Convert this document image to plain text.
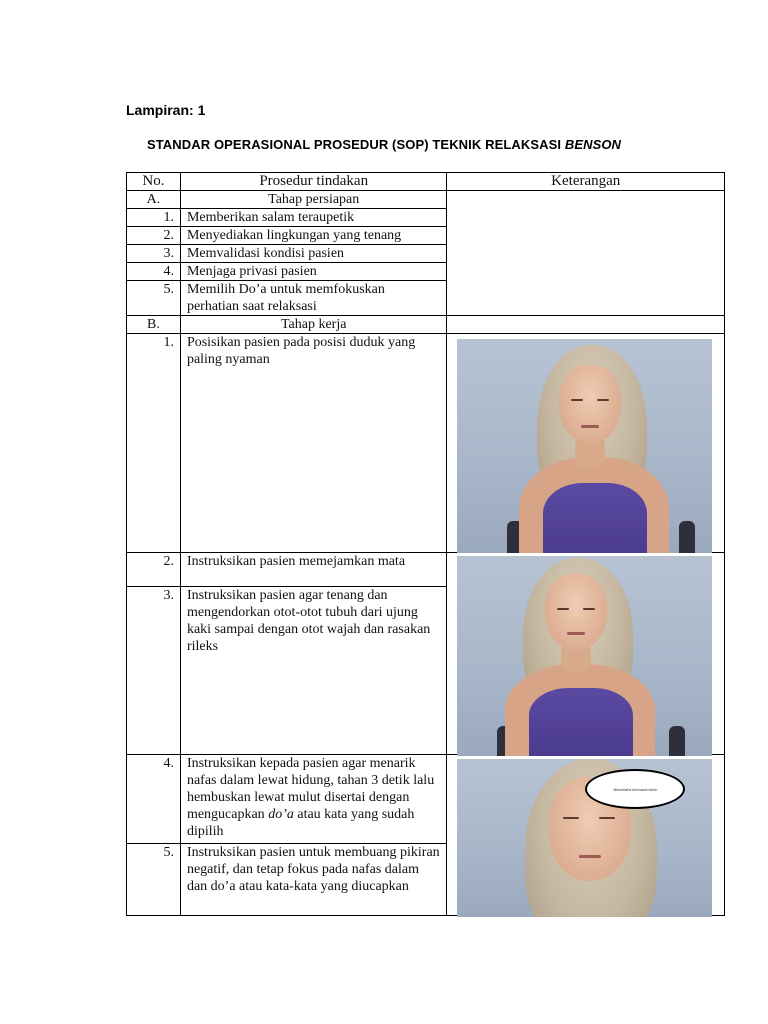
Lampiran: 1
STANDAR OPERASIONAL PROSEDUR (SOP) TEKNIK RELAKSASI BENSON
No.	Prosedur tindakan	Keterangan
A.	Tahap persiapan	
1.	Memberikan salam teraupetik	
2.	Menyediakan lingkungan yang tenang	
3.	Memvalidasi kondisi pasien	
4.	Menjaga privasi pasien	
5.	Memilih Do’a untuk memfokuskan
perhatian saat relaksasi	
B.	Tahap kerja	
1.	Posisikan pasien pada posisi duduk yang paling nyaman	

2.	Instruksikan pasien memejamkan mata	

3.	Instruksikan pasien agar tenang dan mengendorkan otot-otot tubuh dari ujung kaki sampai dengan otot wajah dan rasakan rileks	
4.	Instruksikan kepada pasien agar menarik nafas dalam lewat hidung, tahan 3 detik lalu hembuskan lewat mulut disertai dengan mengucapkan do’a atau kata yang sudah dipilih	Bismillahirrohmanirrohim

5.	Instruksikan pasien untuk membuang pikiran negatif, dan tetap fokus pada nafas dalam dan do’a atau kata-kata yang diucapkan	
